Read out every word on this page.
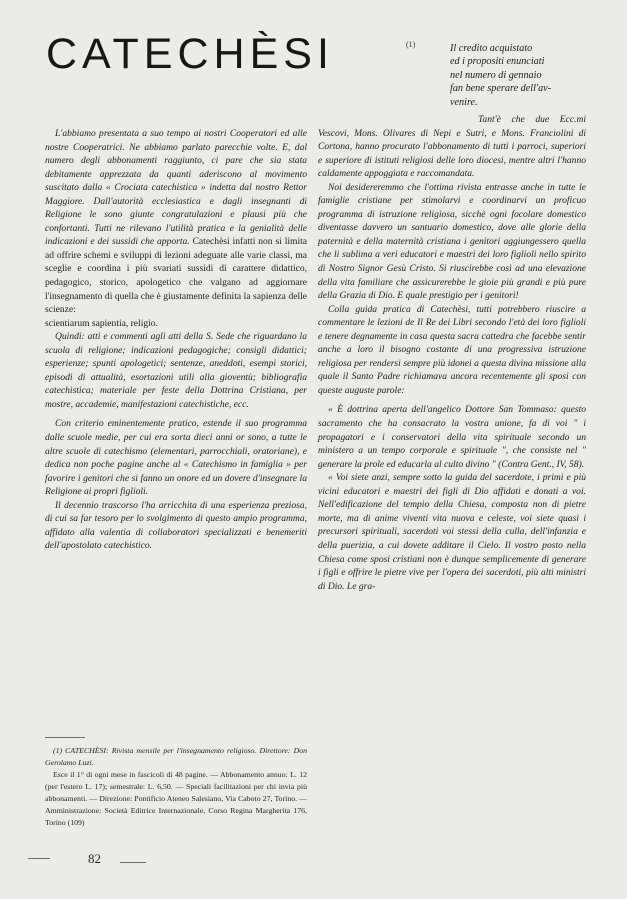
CATECHÈSI	(1)	Il credito acquistato
ed i propositi enunciati
nel numero di gennaio
fan bene sperare dell'av-
venire.

L'abbiamo presentata a suo tempo ai nostri Cooperatori ed alle nostre Cooperatrici. Ne abbiamo parlato parecchie volte. E, dal numero degli abbonamenti raggiunto, ci pare che sia stata debitamente apprezzata da quanti aderiscono al movimento suscitato dalla « Crociata catechistica » indetta dal nostro Rettor Maggiore. Dall'autorità ecclesiastica e dagli insegnanti di Religione le sono giunte congratulazioni e plausi più che confortanti. Tutti ne rilevano l'utilità pratica e la genialità delle indicazioni e dei sussidi che apporta. Catechèsi infatti non si limita ad offrire schemi e sviluppi di lezioni adeguate alle varie classi, ma sceglie e coordina i più svariati sussidi di carattere didattico, pedagogico, storico, apologetico che valgano ad aggiornare l'insegnamento di quella che è giustamente definita la sapienza delle scienze:

scientiarum sapientia, religio.

Quindi: atti e commenti agli atti della S. Sede che riguardano la scuola di religione; indicazioni pedagogiche; consigli didattici; esperienze; spunti apologetici; sentenze, aneddoti, esempi storici, episodi di attualità, esortazioni utili alla gioventù; bibliografia catechistica; materiale per feste della Dottrina Cristiana, per mostre, accademie, manifestazioni catechistiche, ecc.

Con criterio eminentemente pratico, estende il suo programma dalle scuole medie, per cui era sorta dieci anni or sono, a tutte le altre scuole di catechismo (elementari, parrocchiali, oratoriane), e dedica non poche pagine anche al « Catechismo in famiglia » per favorire i genitori che si fanno un onore ed un dovere d'insegnare la Religione ai propri figlioli.

Il decennio trascorso l'ha arricchita di una esperienza preziosa, di cui sa far tesoro per lo svolgimento di questo ampio programma, affidato alla valentia di collaboratori specializzati e benemeriti dell'apostolato catechistico.

(1) CATECHÈSI: Rivista mensile per l'insegnamento religioso. Direttore: Don Gerolamo Luzi.

Esce il 1° di ogni mese in fascicoli di 48 pagine. — Abbonamento annuo: L. 12 (per l'estero L. 17); semestrale: L. 6,50. — Speciali facilitazioni per chi invia più abbonamenti. — Direzione: Pontificio Ateneo Salesiano, Via Caboto 27, Torino. — Amministrazione: Società Editrice Internazionale, Corso Regina Margherita 176, Torino (109)

Tant'è che due Ecc.mi Vescovi, Mons. Olivares di Nepi e Sutri, e Mons. Franciolini di Cortona, hanno procurato l'abbonamento di tutti i parroci, superiori e superiore di istituti religiosi delle loro diocesi, mentre altri l'hanno caldamente appoggiata e raccomandata.

Noi desidereremmo che l'ottima rivista entrasse anche in tutte le famiglie cristiane per stimolarvi e coordinarvi un proficuo programma di istruzione religiosa, sicchè ogni focolare domestico diventasse davvero un santuario domestico, dove alle glorie della paternità e della maternità cristiana i genitori aggiungessero quella che li sublima a veri educatori e maestri dei loro figlioli nello spirito di Nostro Signor Gesù Cristo. Si riuscirebbe così ad una elevazione della vita familiare che assicurerebbe le gioie più grandi e più pure della Grazia di Dio. E quale prestigio per i genitori!

Colla guida pratica di Catechèsi, tutti potrebbero riuscire a commentare le lezioni de Il Re dei Libri secondo l'età dei loro figlioli e tenere degnamente in casa questa sacra cattedra che facebbe sentir anche a loro il bisogno costante di una progressiva istruzione religiosa per rendersi sempre più idonei a questa divina missione alla quale il Santo Padre richiamava ancora recentemente gli sposi con queste auguste parole:

« È dottrina aperta dell'angelico Dottore San Tommaso: questo sacramento che ha consacrato la vostra unione, fa di voi " i propagatori e i conservatori della vita spirituale secondo un ministero a un tempo corporale e spirituale ", che consiste nel " generare la prole ed educarla al culto divino " (Contra Gent., IV, 58).

« Voi siete anzi, sempre sotto la guida del sacerdote, i primi e più vicini educatori e maestri dei figli di Dio affidati e donati a voi. Nell'edificazione del tempio della Chiesa, composta non di pietre morte, ma di anime viventi vita nuova e celeste, voi siete quasi i precursori spirituali, sacerdoti voi stessi della culla, dell'infanzia e della puerizia, a cui dovete additare il Cielo. Il vostro posto nella Chiesa come sposi cristiani non è dunque semplicemente di generare i figli e offrire le pietre vive per l'opera dei sacerdoti, più alti ministri di Dio. Le gra-

82
